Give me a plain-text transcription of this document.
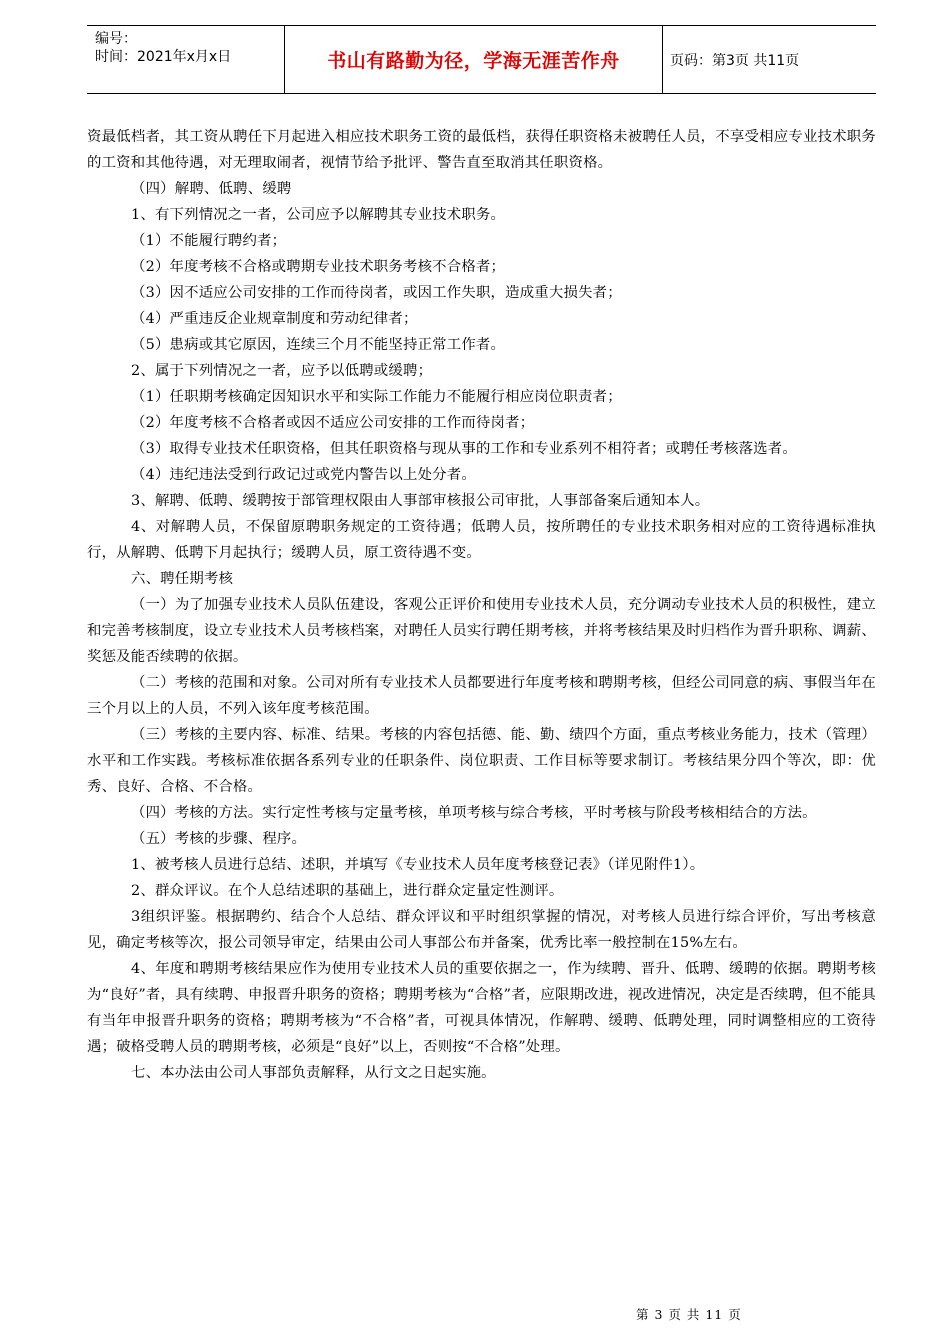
编号：
时间：2021年x月x日	书山有路勤为径，学海无涯苦作舟	页码：第3页 共11页

资最低档者，其工资从聘任下月起进入相应技术职务工资的最低档，获得任职资格未被聘任人员，不享受相应专业技术职务的工资和其他待遇，对无理取闹者，视情节给予批评、警告直至取消其任职资格。

（四）解聘、低聘、缓聘

1、有下列情况之一者，公司应予以解聘其专业技术职务。

（1）不能履行聘约者；

（2）年度考核不合格或聘期专业技术职务考核不合格者；

（3）因不适应公司安排的工作而待岗者，或因工作失职，造成重大损失者；

（4）严重违反企业规章制度和劳动纪律者；

（5）患病或其它原因，连续三个月不能坚持正常工作者。

2、属于下列情况之一者，应予以低聘或缓聘；

（1）任职期考核确定因知识水平和实际工作能力不能履行相应岗位职责者；

（2）年度考核不合格者或因不适应公司安排的工作而待岗者；

（3）取得专业技术任职资格，但其任职资格与现从事的工作和专业系列不相符者；或聘任考核落选者。

（4）违纪违法受到行政记过或党内警告以上处分者。

3、解聘、低聘、缓聘按于部管理权限由人事部审核报公司审批，人事部备案后通知本人。

4、对解聘人员，不保留原聘职务规定的工资待遇；低聘人员，按所聘任的专业技术职务相对应的工资待遇标准执行，从解聘、低聘下月起执行；缓聘人员，原工资待遇不变。

六、聘任期考核

（一）为了加强专业技术人员队伍建设，客观公正评价和使用专业技术人员，充分调动专业技术人员的积极性，建立和完善考核制度，设立专业技术人员考核档案，对聘任人员实行聘任期考核，并将考核结果及时归档作为晋升职称、调薪、奖惩及能否续聘的依据。

（二）考核的范围和对象。公司对所有专业技术人员都要进行年度考核和聘期考核，但经公司同意的病、事假当年在三个月以上的人员，不列入该年度考核范围。

（三）考核的主要内容、标准、结果。考核的内容包括德、能、勤、绩四个方面，重点考核业务能力，技术（管理）水平和工作实践。考核标准依据各系列专业的任职条件、岗位职责、工作目标等要求制订。考核结果分四个等次，即：优秀、良好、合格、不合格。

（四）考核的方法。实行定性考核与定量考核，单项考核与综合考核，平时考核与阶段考核相结合的方法。

（五）考核的步骤、程序。

1、被考核人员进行总结、述职，并填写《专业技术人员年度考核登记表》（详见附件1）。

2、群众评议。在个人总结述职的基础上，进行群众定量定性测评。

3组织评鉴。根据聘约、结合个人总结、群众评议和平时组织掌握的情况，对考核人员进行综合评价，写出考核意见，确定考核等次，报公司领导审定，结果由公司人事部公布并备案，优秀比率一般控制在15%左右。

4、年度和聘期考核结果应作为使用专业技术人员的重要依据之一，作为续聘、晋升、低聘、缓聘的依据。聘期考核为“良好”者，具有续聘、申报晋升职务的资格；聘期考核为“合格”者，应限期改进，视改进情况，决定是否续聘，但不能具有当年申报晋升职务的资格；聘期考核为“不合格”者，可视具体情况，作解聘、缓聘、低聘处理，同时调整相应的工资待遇；破格受聘人员的聘期考核，必须是“良好”以上，否则按“不合格”处理。

七、本办法由公司人事部负责解释，从行文之日起实施。

第 3 页 共 11 页
